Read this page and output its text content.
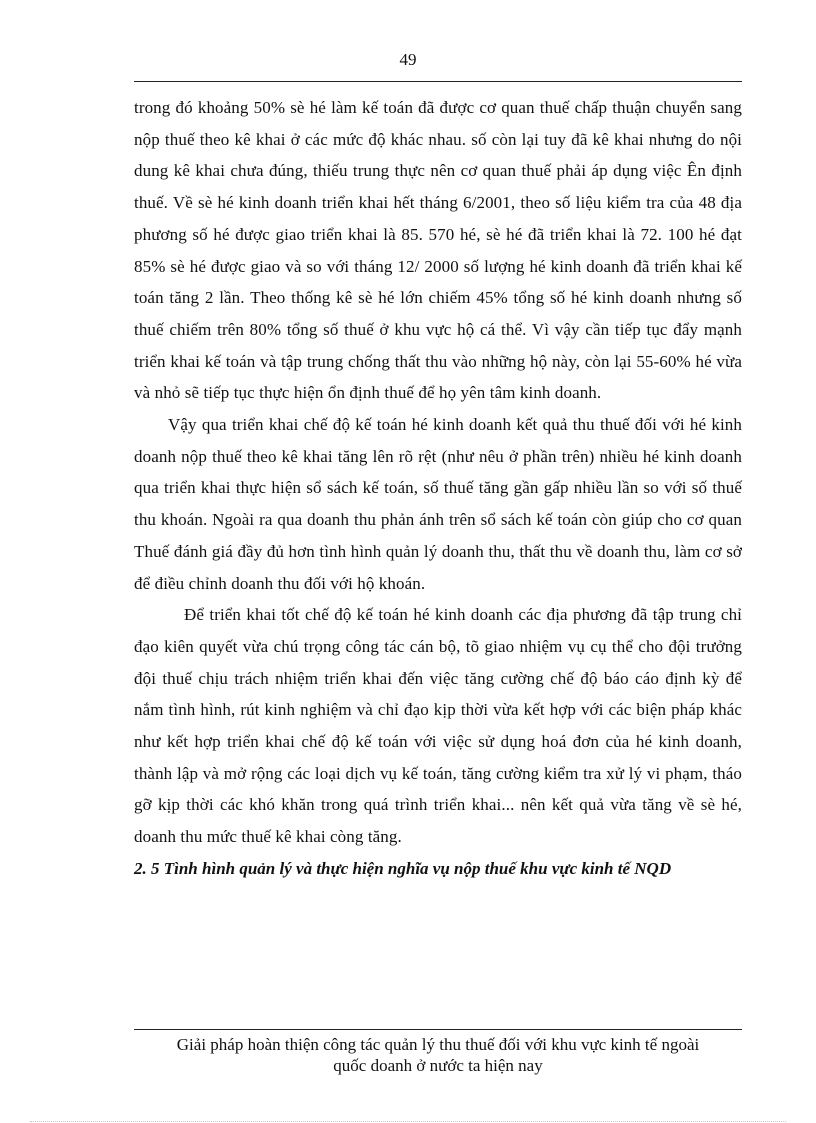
49

trong đó khoảng 50% sè hé làm kế toán đã được cơ quan thuế chấp thuận chuyển sang nộp thuế theo kê khai ở các mức độ khác nhau. số còn lại tuy đã kê khai nhưng do nội dung kê khai chưa đúng, thiếu trung thực nên cơ quan thuế phải áp dụng việc Ên định thuế. Về sè hé kinh doanh triển khai hết tháng 6/2001, theo số liệu kiểm tra của 48 địa phương số hé được giao triển khai là 85. 570 hé, sè hé đã triển khai là 72. 100 hé đạt 85% sè hé được giao và so với tháng 12/ 2000 số lượng hé kinh doanh đã triển khai kế toán tăng 2 lần. Theo thống kê sè hé lớn chiếm 45% tổng số hé kinh doanh nhưng số thuế chiếm trên 80% tổng số thuế ở khu vực hộ cá thể. Vì vậy cần tiếp tục đẩy mạnh triển khai kế toán và tập trung chống thất thu vào những hộ này, còn lại 55-60% hé vừa và nhỏ sẽ tiếp tục thực hiện ổn định thuế để họ yên tâm kinh doanh.

Vậy qua triển khai chế độ kế toán hé kinh doanh kết quả thu thuế đối với hé kinh doanh nộp thuế theo kê khai tăng lên rõ rệt (như nêu ở phần trên) nhiều hé kinh doanh qua triển khai thực hiện sổ sách kế toán, số thuế tăng gần gấp nhiều lần so với số thuế thu khoán. Ngoài ra qua doanh thu phản ánh trên sổ sách kế toán còn giúp cho cơ quan Thuế đánh giá đầy đủ hơn tình hình quản lý doanh thu, thất thu về doanh thu, làm cơ sở để điều chỉnh doanh thu đối với hộ khoán.

Để triển khai tốt chế độ kế toán hé kinh doanh các địa phương đã tập trung chỉ đạo kiên quyết vừa chú trọng công tác cán bộ, tõ giao nhiệm vụ cụ thể cho đội trưởng đội thuế chịu trách nhiệm triển khai đến việc tăng cường chế độ báo cáo định kỳ để nắm tình hình, rút kinh nghiệm và chỉ đạo kịp thời vừa kết hợp với các biện pháp khác như kết hợp triển khai chế độ kế toán với việc sử dụng hoá đơn của hé kinh doanh, thành lập và mở rộng các loại dịch vụ kế toán, tăng cường kiểm tra xử lý vi phạm, tháo gỡ kịp thời các khó khăn trong quá trình triển khai... nên kết quả vừa tăng về sè hé, doanh thu mức thuế kê khai còng tăng.

2. 5 Tình hình quản lý và thực hiện nghĩa vụ nộp thuế khu vực kinh tế NQD

Giải pháp hoàn thiện công tác quản lý thu thuế đối với khu vực kinh tế ngoài
quốc doanh ở nước ta hiện nay
